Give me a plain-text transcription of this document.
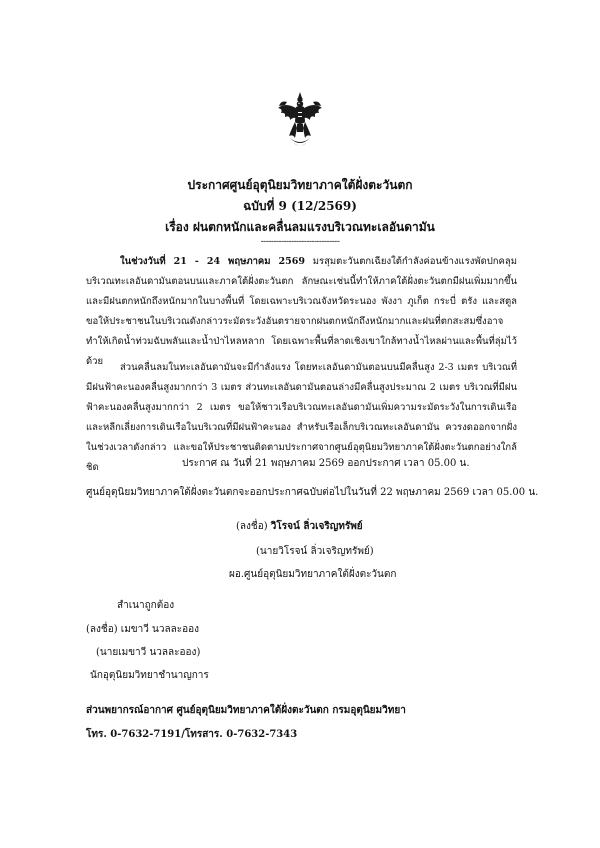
ประกาศศูนย์อุตุนิยมวิทยาภาคใต้ฝั่งตะวันตก
ฉบับที่ 9 (12/2569)
เรื่อง ฝนตกหนักและคลื่นลมแรงบริเวณทะเลอันดามัน
-------------------------------

ในช่วงวันที่ 21 - 24 พฤษภาคม 2569 มรสุมตะวันตกเฉียงใต้กำลังค่อนข้างแรงพัดปกคลุมบริเวณทะเลอันดามันตอนบนและภาคใต้ฝั่งตะวันตก ลักษณะเช่นนี้ทำให้ภาคใต้ฝั่งตะวันตกมีฝนเพิ่มมากขึ้นและมีฝนตกหนักถึงหนักมากในบางพื้นที่ โดยเฉพาะบริเวณจังหวัดระนอง พังงา ภูเก็ต กระบี่ ตรัง และสตูล ขอให้ประชาชนในบริเวณดังกล่าวระมัดระวังอันตรายจากฝนตกหนักถึงหนักมากและฝนที่ตกสะสมซึ่งอาจทำให้เกิดน้ำท่วมฉับพลันและน้ำป่าไหลหลาก โดยเฉพาะพื้นที่ลาดเชิงเขาใกล้ทางน้ำไหลผ่านและพื้นที่ลุ่มไว้ด้วย

ส่วนคลื่นลมในทะเลอันดามันจะมีกำลังแรง โดยทะเลอันดามันตอนบนมีคลื่นสูง 2-3 เมตร บริเวณที่มีฝนฟ้าคะนองคลื่นสูงมากกว่า 3 เมตร ส่วนทะเลอันดามันตอนล่างมีคลื่นสูงประมาณ 2 เมตร บริเวณที่มีฝนฟ้าคะนองคลื่นสูงมากกว่า 2 เมตร ขอให้ชาวเรือบริเวณทะเลอันดามันเพิ่มความระมัดระวังในการเดินเรือและหลีกเลี่ยงการเดินเรือในบริเวณที่มีฝนฟ้าคะนอง สำหรับเรือเล็กบริเวณทะเลอันดามัน ควรงดออกจากฝั่งในช่วงเวลาดังกล่าว และขอให้ประชาชนติดตามประกาศจากศูนย์อุตุนิยมวิทยาภาคใต้ฝั่งตะวันตกอย่างใกล้ชิด	ประกาศ ณ วันที่ 21 พฤษภาคม 2569 ออกประกาศ เวลา 05.00 น.
ศูนย์อุตุนิยมวิทยาภาคใต้ฝั่งตะวันตกจะออกประกาศฉบับต่อไปในวันที่ 22 พฤษภาคม 2569 เวลา 05.00 น.
(ลงชื่อ) วิโรจน์ ลิ่วเจริญทรัพย์
(นายวิโรจน์ ลิ่วเจริญทรัพย์)
ผอ.ศูนย์อุตุนิยมวิทยาภาคใต้ฝั่งตะวันตก
สำเนาถูกต้อง
(ลงชื่อ) เมขาวี นวลละออง
(นายเมขาวี นวลละออง)
นักอุตุนิยมวิทยาชำนาญการ
ส่วนพยากรณ์อากาศ ศูนย์อุตุนิยมวิทยาภาคใต้ฝั่งตะวันตก กรมอุตุนิยมวิทยา
โทร. 0-7632-7191/โทรสาร. 0-7632-7343
